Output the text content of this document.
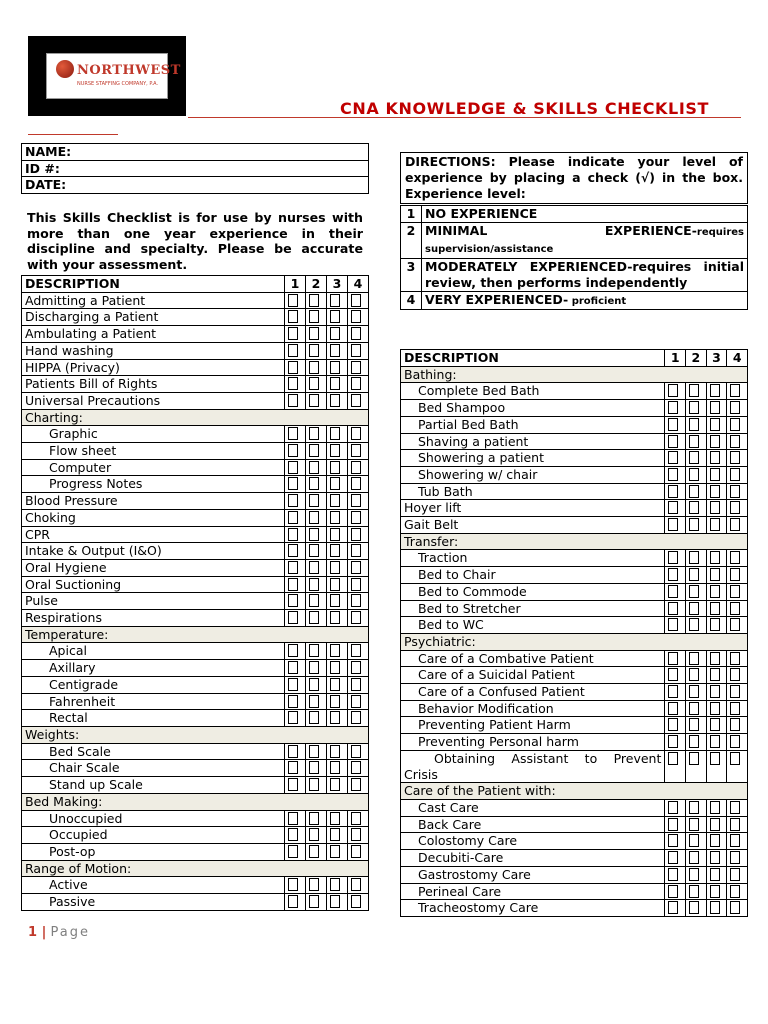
NORTHWEST
NURSE STAFFING COMPANY, P.A.
CNA KNOWLEDGE & SKILLS CHECKLIST
NAME:
ID #:
DATE:
This Skills Checklist is for use by nurses with more than one year experience in their discipline and specialty. Please be accurate with your assessment.
DIRECTIONS: Please indicate your level of experience by placing a check (√) in the box. Experience level:
1	NO EXPERIENCE
2	MINIMAL EXPERIENCE-requires supervision/assistance
3	MODERATELY EXPERIENCED-requires initial review, then performs independently
4	VERY EXPERIENCED- proficient
DESCRIPTION	1	2	3	4
Admitting a Patient	

Discharging a Patient	

Ambulating a Patient	

Hand washing	

HIPPA (Privacy)	

Patients Bill of Rights	

Universal Precautions	

Charting:				
Graphic	

Flow sheet	

Computer	

Progress Notes	

Blood Pressure	

Choking	

CPR	

Intake & Output (I&O)	

Oral Hygiene	

Oral Suctioning	

Pulse	

Respirations	

Temperature:				
Apical	

Axillary	

Centigrade	

Fahrenheit	

Rectal	

Weights:				
Bed Scale	

Chair Scale	

Stand up Scale	

Bed Making:				
Unoccupied	

Occupied	

Post-op	

Range of Motion:				
Active	

Passive	

DESCRIPTION	1	2	3	4
Bathing:				
Complete Bed Bath	

Bed Shampoo	

Partial Bed Bath	

Shaving a patient	

Showering a patient	

Showering w/ chair	

Tub Bath	

Hoyer lift	

Gait Belt	

Transfer:				
Traction	

Bed to Chair	

Bed to Commode	

Bed to Stretcher	

Bed to WC	

Psychiatric:				
Care of a Combative Patient	

Care of a Suicidal Patient	

Care of a Confused Patient	

Behavior Modification	

Preventing Patient Harm	

Preventing Personal harm	

Obtaining Assistant to Prevent Crisis	

Care of the Patient with:				
Cast Care	

Back Care	

Colostomy Care	

Decubiti-Care	

Gastrostomy Care	

Perineal Care	

Tracheostomy Care	

1 | Page
